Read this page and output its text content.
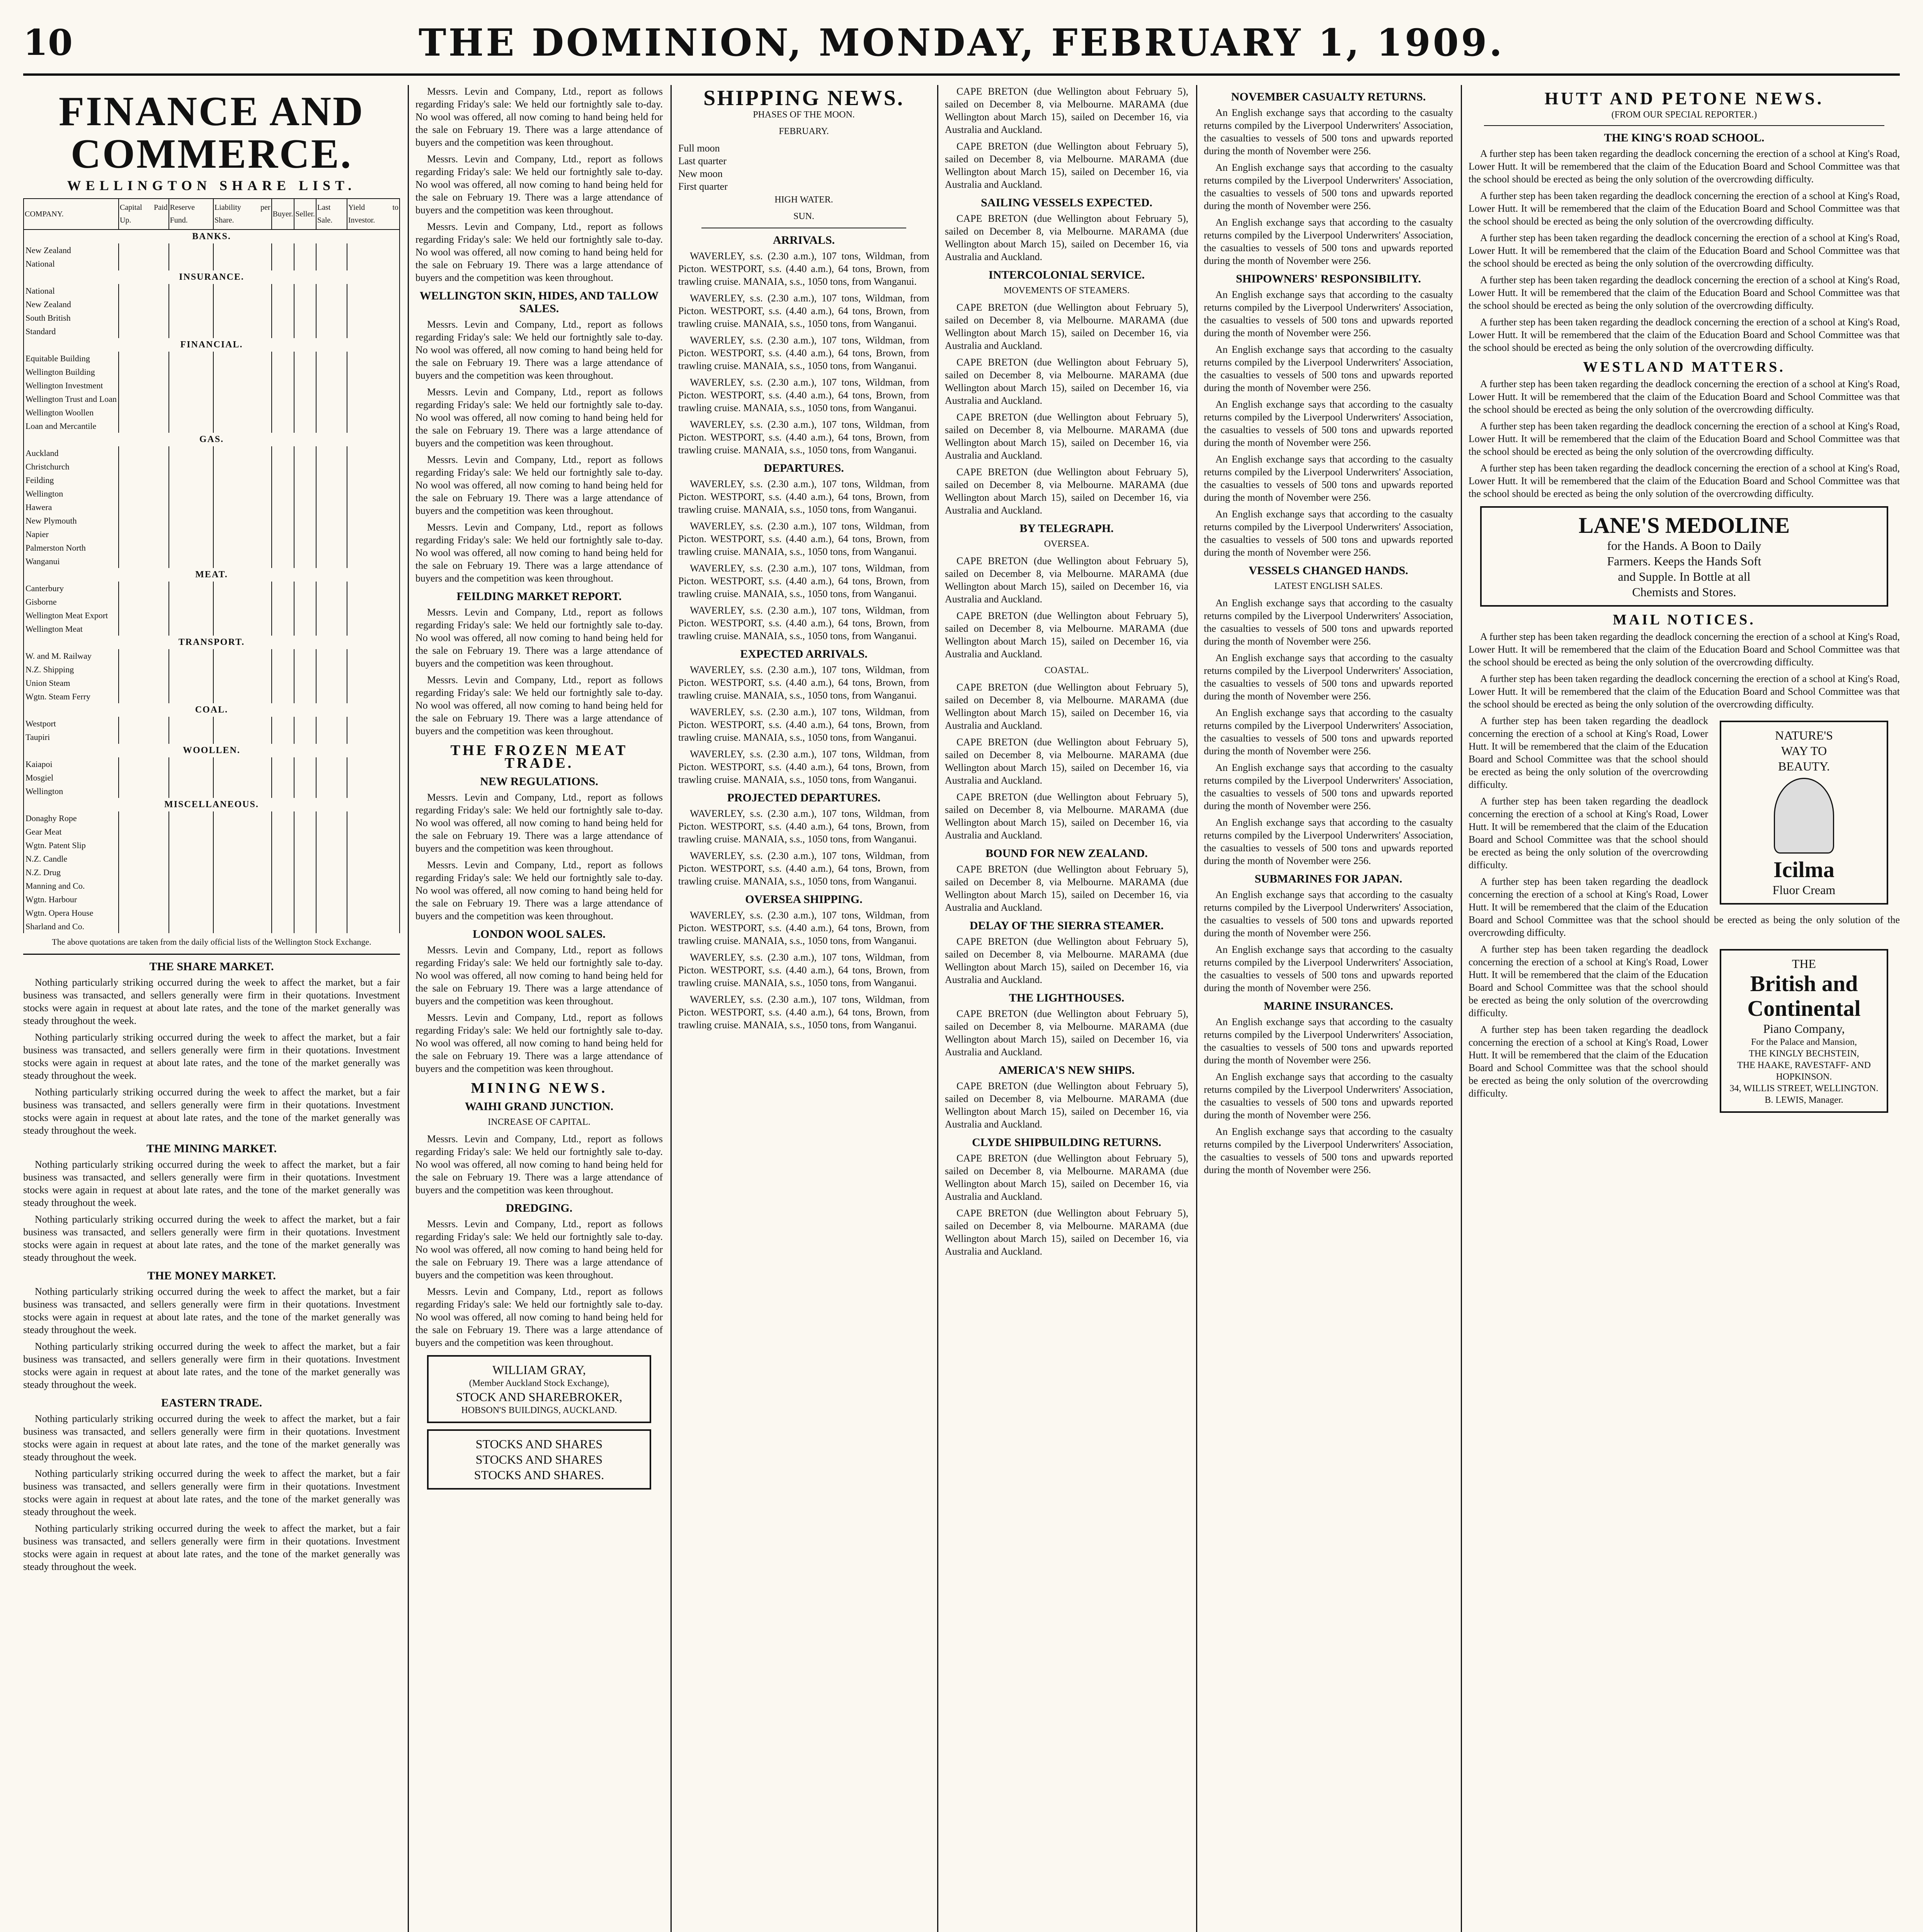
10	THE DOMINION, MONDAY, FEBRUARY 1, 1909.
FINANCE AND COMMERCE.
WELLINGTON SHARE LIST.
COMPANY.	Capital Paid Up.	Reserve Fund.	Liability per Share.	Buyer.	Seller.	Last Sale.	Yield to Investor.
BANKS.							
New Zealand							
National							
INSURANCE.							
National							
New Zealand							
South British							
Standard							
FINANCIAL.							
Equitable Building							
Wellington Building							
Wellington Investment							
Wellington Trust and Loan							
Wellington Woollen							
Loan and Mercantile							
GAS.							
Auckland							
Christchurch							
Feilding							
Wellington							
Hawera							
New Plymouth							
Napier							
Palmerston North							
Wanganui							
MEAT.							
Canterbury							
Gisborne							
Wellington Meat Export							
Wellington Meat							
TRANSPORT.							
W. and M. Railway							
N.Z. Shipping							
Union Steam							
Wgtn. Steam Ferry							
COAL.							
Westport							
Taupiri							
WOOLLEN.							
Kaiapoi							
Mosgiel							
Wellington							
MISCELLANEOUS.							
Donaghy Rope							
Gear Meat							
Wgtn. Patent Slip							
N.Z. Candle							
N.Z. Drug							
Manning and Co.							
Wgtn. Harbour							
Wgtn. Opera House							
Sharland and Co.							
The above quotations are taken from the daily official lists of the Wellington Stock Exchange.
THE SHARE MARKET.

Nothing particularly striking occurred during the week to affect the market, but a fair business was transacted, and sellers generally were firm in their quotations. Investment stocks were again in request at about late rates, and the tone of the market generally was steady throughout the week.

Nothing particularly striking occurred during the week to affect the market, but a fair business was transacted, and sellers generally were firm in their quotations. Investment stocks were again in request at about late rates, and the tone of the market generally was steady throughout the week.

Nothing particularly striking occurred during the week to affect the market, but a fair business was transacted, and sellers generally were firm in their quotations. Investment stocks were again in request at about late rates, and the tone of the market generally was steady throughout the week.

THE MINING MARKET.

Nothing particularly striking occurred during the week to affect the market, but a fair business was transacted, and sellers generally were firm in their quotations. Investment stocks were again in request at about late rates, and the tone of the market generally was steady throughout the week.

Nothing particularly striking occurred during the week to affect the market, but a fair business was transacted, and sellers generally were firm in their quotations. Investment stocks were again in request at about late rates, and the tone of the market generally was steady throughout the week.

THE MONEY MARKET.

Nothing particularly striking occurred during the week to affect the market, but a fair business was transacted, and sellers generally were firm in their quotations. Investment stocks were again in request at about late rates, and the tone of the market generally was steady throughout the week.

Nothing particularly striking occurred during the week to affect the market, but a fair business was transacted, and sellers generally were firm in their quotations. Investment stocks were again in request at about late rates, and the tone of the market generally was steady throughout the week.

EASTERN TRADE.

Nothing particularly striking occurred during the week to affect the market, but a fair business was transacted, and sellers generally were firm in their quotations. Investment stocks were again in request at about late rates, and the tone of the market generally was steady throughout the week.

Nothing particularly striking occurred during the week to affect the market, but a fair business was transacted, and sellers generally were firm in their quotations. Investment stocks were again in request at about late rates, and the tone of the market generally was steady throughout the week.

Nothing particularly striking occurred during the week to affect the market, but a fair business was transacted, and sellers generally were firm in their quotations. Investment stocks were again in request at about late rates, and the tone of the market generally was steady throughout the week.

Messrs. Levin and Company, Ltd., report as follows regarding Friday's sale: We held our fortnightly sale to-day. No wool was offered, all now coming to hand being held for the sale on February 19. There was a large attendance of buyers and the competition was keen throughout.

Messrs. Levin and Company, Ltd., report as follows regarding Friday's sale: We held our fortnightly sale to-day. No wool was offered, all now coming to hand being held for the sale on February 19. There was a large attendance of buyers and the competition was keen throughout.

Messrs. Levin and Company, Ltd., report as follows regarding Friday's sale: We held our fortnightly sale to-day. No wool was offered, all now coming to hand being held for the sale on February 19. There was a large attendance of buyers and the competition was keen throughout.

WELLINGTON SKIN, HIDES, AND TALLOW SALES.

Messrs. Levin and Company, Ltd., report as follows regarding Friday's sale: We held our fortnightly sale to-day. No wool was offered, all now coming to hand being held for the sale on February 19. There was a large attendance of buyers and the competition was keen throughout.

Messrs. Levin and Company, Ltd., report as follows regarding Friday's sale: We held our fortnightly sale to-day. No wool was offered, all now coming to hand being held for the sale on February 19. There was a large attendance of buyers and the competition was keen throughout.

Messrs. Levin and Company, Ltd., report as follows regarding Friday's sale: We held our fortnightly sale to-day. No wool was offered, all now coming to hand being held for the sale on February 19. There was a large attendance of buyers and the competition was keen throughout.

Messrs. Levin and Company, Ltd., report as follows regarding Friday's sale: We held our fortnightly sale to-day. No wool was offered, all now coming to hand being held for the sale on February 19. There was a large attendance of buyers and the competition was keen throughout.

FEILDING MARKET REPORT.

Messrs. Levin and Company, Ltd., report as follows regarding Friday's sale: We held our fortnightly sale to-day. No wool was offered, all now coming to hand being held for the sale on February 19. There was a large attendance of buyers and the competition was keen throughout.

Messrs. Levin and Company, Ltd., report as follows regarding Friday's sale: We held our fortnightly sale to-day. No wool was offered, all now coming to hand being held for the sale on February 19. There was a large attendance of buyers and the competition was keen throughout.

THE FROZEN MEAT TRADE.
NEW REGULATIONS.

Messrs. Levin and Company, Ltd., report as follows regarding Friday's sale: We held our fortnightly sale to-day. No wool was offered, all now coming to hand being held for the sale on February 19. There was a large attendance of buyers and the competition was keen throughout.

Messrs. Levin and Company, Ltd., report as follows regarding Friday's sale: We held our fortnightly sale to-day. No wool was offered, all now coming to hand being held for the sale on February 19. There was a large attendance of buyers and the competition was keen throughout.

LONDON WOOL SALES.

Messrs. Levin and Company, Ltd., report as follows regarding Friday's sale: We held our fortnightly sale to-day. No wool was offered, all now coming to hand being held for the sale on February 19. There was a large attendance of buyers and the competition was keen throughout.

Messrs. Levin and Company, Ltd., report as follows regarding Friday's sale: We held our fortnightly sale to-day. No wool was offered, all now coming to hand being held for the sale on February 19. There was a large attendance of buyers and the competition was keen throughout.

MINING NEWS.
WAIHI GRAND JUNCTION.
INCREASE OF CAPITAL.

Messrs. Levin and Company, Ltd., report as follows regarding Friday's sale: We held our fortnightly sale to-day. No wool was offered, all now coming to hand being held for the sale on February 19. There was a large attendance of buyers and the competition was keen throughout.

DREDGING.

Messrs. Levin and Company, Ltd., report as follows regarding Friday's sale: We held our fortnightly sale to-day. No wool was offered, all now coming to hand being held for the sale on February 19. There was a large attendance of buyers and the competition was keen throughout.

Messrs. Levin and Company, Ltd., report as follows regarding Friday's sale: We held our fortnightly sale to-day. No wool was offered, all now coming to hand being held for the sale on February 19. There was a large attendance of buyers and the competition was keen throughout.

WILLIAM GRAY,
(Member Auckland Stock Exchange),
STOCK AND SHAREBROKER,
HOBSON'S BUILDINGS, AUCKLAND.
STOCKS AND SHARES
STOCKS AND SHARES
STOCKS AND SHARES.
SHIPPING NEWS.
PHASES OF THE MOON.
FEBRUARY.
Full moon
Last quarter
New moon
First quarter
HIGH WATER.
SUN.
ARRIVALS.

WAVERLEY, s.s. (2.30 a.m.), 107 tons, Wildman, from Picton. WESTPORT, s.s. (4.40 a.m.), 64 tons, Brown, from trawling cruise. MANAIA, s.s., 1050 tons, from Wanganui.

WAVERLEY, s.s. (2.30 a.m.), 107 tons, Wildman, from Picton. WESTPORT, s.s. (4.40 a.m.), 64 tons, Brown, from trawling cruise. MANAIA, s.s., 1050 tons, from Wanganui.

WAVERLEY, s.s. (2.30 a.m.), 107 tons, Wildman, from Picton. WESTPORT, s.s. (4.40 a.m.), 64 tons, Brown, from trawling cruise. MANAIA, s.s., 1050 tons, from Wanganui.

WAVERLEY, s.s. (2.30 a.m.), 107 tons, Wildman, from Picton. WESTPORT, s.s. (4.40 a.m.), 64 tons, Brown, from trawling cruise. MANAIA, s.s., 1050 tons, from Wanganui.

WAVERLEY, s.s. (2.30 a.m.), 107 tons, Wildman, from Picton. WESTPORT, s.s. (4.40 a.m.), 64 tons, Brown, from trawling cruise. MANAIA, s.s., 1050 tons, from Wanganui.

DEPARTURES.

WAVERLEY, s.s. (2.30 a.m.), 107 tons, Wildman, from Picton. WESTPORT, s.s. (4.40 a.m.), 64 tons, Brown, from trawling cruise. MANAIA, s.s., 1050 tons, from Wanganui.

WAVERLEY, s.s. (2.30 a.m.), 107 tons, Wildman, from Picton. WESTPORT, s.s. (4.40 a.m.), 64 tons, Brown, from trawling cruise. MANAIA, s.s., 1050 tons, from Wanganui.

WAVERLEY, s.s. (2.30 a.m.), 107 tons, Wildman, from Picton. WESTPORT, s.s. (4.40 a.m.), 64 tons, Brown, from trawling cruise. MANAIA, s.s., 1050 tons, from Wanganui.

WAVERLEY, s.s. (2.30 a.m.), 107 tons, Wildman, from Picton. WESTPORT, s.s. (4.40 a.m.), 64 tons, Brown, from trawling cruise. MANAIA, s.s., 1050 tons, from Wanganui.

EXPECTED ARRIVALS.

WAVERLEY, s.s. (2.30 a.m.), 107 tons, Wildman, from Picton. WESTPORT, s.s. (4.40 a.m.), 64 tons, Brown, from trawling cruise. MANAIA, s.s., 1050 tons, from Wanganui.

WAVERLEY, s.s. (2.30 a.m.), 107 tons, Wildman, from Picton. WESTPORT, s.s. (4.40 a.m.), 64 tons, Brown, from trawling cruise. MANAIA, s.s., 1050 tons, from Wanganui.

WAVERLEY, s.s. (2.30 a.m.), 107 tons, Wildman, from Picton. WESTPORT, s.s. (4.40 a.m.), 64 tons, Brown, from trawling cruise. MANAIA, s.s., 1050 tons, from Wanganui.

PROJECTED DEPARTURES.

WAVERLEY, s.s. (2.30 a.m.), 107 tons, Wildman, from Picton. WESTPORT, s.s. (4.40 a.m.), 64 tons, Brown, from trawling cruise. MANAIA, s.s., 1050 tons, from Wanganui.

WAVERLEY, s.s. (2.30 a.m.), 107 tons, Wildman, from Picton. WESTPORT, s.s. (4.40 a.m.), 64 tons, Brown, from trawling cruise. MANAIA, s.s., 1050 tons, from Wanganui.

OVERSEA SHIPPING.

WAVERLEY, s.s. (2.30 a.m.), 107 tons, Wildman, from Picton. WESTPORT, s.s. (4.40 a.m.), 64 tons, Brown, from trawling cruise. MANAIA, s.s., 1050 tons, from Wanganui.

WAVERLEY, s.s. (2.30 a.m.), 107 tons, Wildman, from Picton. WESTPORT, s.s. (4.40 a.m.), 64 tons, Brown, from trawling cruise. MANAIA, s.s., 1050 tons, from Wanganui.

WAVERLEY, s.s. (2.30 a.m.), 107 tons, Wildman, from Picton. WESTPORT, s.s. (4.40 a.m.), 64 tons, Brown, from trawling cruise. MANAIA, s.s., 1050 tons, from Wanganui.

CAPE BRETON (due Wellington about February 5), sailed on December 8, via Melbourne. MARAMA (due Wellington about March 15), sailed on December 16, via Australia and Auckland.

CAPE BRETON (due Wellington about February 5), sailed on December 8, via Melbourne. MARAMA (due Wellington about March 15), sailed on December 16, via Australia and Auckland.

SAILING VESSELS EXPECTED.

CAPE BRETON (due Wellington about February 5), sailed on December 8, via Melbourne. MARAMA (due Wellington about March 15), sailed on December 16, via Australia and Auckland.

INTERCOLONIAL SERVICE.
MOVEMENTS OF STEAMERS.

CAPE BRETON (due Wellington about February 5), sailed on December 8, via Melbourne. MARAMA (due Wellington about March 15), sailed on December 16, via Australia and Auckland.

CAPE BRETON (due Wellington about February 5), sailed on December 8, via Melbourne. MARAMA (due Wellington about March 15), sailed on December 16, via Australia and Auckland.

CAPE BRETON (due Wellington about February 5), sailed on December 8, via Melbourne. MARAMA (due Wellington about March 15), sailed on December 16, via Australia and Auckland.

CAPE BRETON (due Wellington about February 5), sailed on December 8, via Melbourne. MARAMA (due Wellington about March 15), sailed on December 16, via Australia and Auckland.

BY TELEGRAPH.
OVERSEA.

CAPE BRETON (due Wellington about February 5), sailed on December 8, via Melbourne. MARAMA (due Wellington about March 15), sailed on December 16, via Australia and Auckland.

CAPE BRETON (due Wellington about February 5), sailed on December 8, via Melbourne. MARAMA (due Wellington about March 15), sailed on December 16, via Australia and Auckland.

COASTAL.

CAPE BRETON (due Wellington about February 5), sailed on December 8, via Melbourne. MARAMA (due Wellington about March 15), sailed on December 16, via Australia and Auckland.

CAPE BRETON (due Wellington about February 5), sailed on December 8, via Melbourne. MARAMA (due Wellington about March 15), sailed on December 16, via Australia and Auckland.

CAPE BRETON (due Wellington about February 5), sailed on December 8, via Melbourne. MARAMA (due Wellington about March 15), sailed on December 16, via Australia and Auckland.

BOUND FOR NEW ZEALAND.

CAPE BRETON (due Wellington about February 5), sailed on December 8, via Melbourne. MARAMA (due Wellington about March 15), sailed on December 16, via Australia and Auckland.

DELAY OF THE SIERRA STEAMER.

CAPE BRETON (due Wellington about February 5), sailed on December 8, via Melbourne. MARAMA (due Wellington about March 15), sailed on December 16, via Australia and Auckland.

THE LIGHTHOUSES.

CAPE BRETON (due Wellington about February 5), sailed on December 8, via Melbourne. MARAMA (due Wellington about March 15), sailed on December 16, via Australia and Auckland.

AMERICA'S NEW SHIPS.

CAPE BRETON (due Wellington about February 5), sailed on December 8, via Melbourne. MARAMA (due Wellington about March 15), sailed on December 16, via Australia and Auckland.

CLYDE SHIPBUILDING RETURNS.

CAPE BRETON (due Wellington about February 5), sailed on December 8, via Melbourne. MARAMA (due Wellington about March 15), sailed on December 16, via Australia and Auckland.

CAPE BRETON (due Wellington about February 5), sailed on December 8, via Melbourne. MARAMA (due Wellington about March 15), sailed on December 16, via Australia and Auckland.

NOVEMBER CASUALTY RETURNS.

An English exchange says that according to the casualty returns compiled by the Liverpool Underwriters' Association, the casualties to vessels of 500 tons and upwards reported during the month of November were 256.

An English exchange says that according to the casualty returns compiled by the Liverpool Underwriters' Association, the casualties to vessels of 500 tons and upwards reported during the month of November were 256.

An English exchange says that according to the casualty returns compiled by the Liverpool Underwriters' Association, the casualties to vessels of 500 tons and upwards reported during the month of November were 256.

SHIPOWNERS' RESPONSIBILITY.

An English exchange says that according to the casualty returns compiled by the Liverpool Underwriters' Association, the casualties to vessels of 500 tons and upwards reported during the month of November were 256.

An English exchange says that according to the casualty returns compiled by the Liverpool Underwriters' Association, the casualties to vessels of 500 tons and upwards reported during the month of November were 256.

An English exchange says that according to the casualty returns compiled by the Liverpool Underwriters' Association, the casualties to vessels of 500 tons and upwards reported during the month of November were 256.

An English exchange says that according to the casualty returns compiled by the Liverpool Underwriters' Association, the casualties to vessels of 500 tons and upwards reported during the month of November were 256.

An English exchange says that according to the casualty returns compiled by the Liverpool Underwriters' Association, the casualties to vessels of 500 tons and upwards reported during the month of November were 256.

VESSELS CHANGED HANDS.
LATEST ENGLISH SALES.

An English exchange says that according to the casualty returns compiled by the Liverpool Underwriters' Association, the casualties to vessels of 500 tons and upwards reported during the month of November were 256.

An English exchange says that according to the casualty returns compiled by the Liverpool Underwriters' Association, the casualties to vessels of 500 tons and upwards reported during the month of November were 256.

An English exchange says that according to the casualty returns compiled by the Liverpool Underwriters' Association, the casualties to vessels of 500 tons and upwards reported during the month of November were 256.

An English exchange says that according to the casualty returns compiled by the Liverpool Underwriters' Association, the casualties to vessels of 500 tons and upwards reported during the month of November were 256.

An English exchange says that according to the casualty returns compiled by the Liverpool Underwriters' Association, the casualties to vessels of 500 tons and upwards reported during the month of November were 256.

SUBMARINES FOR JAPAN.

An English exchange says that according to the casualty returns compiled by the Liverpool Underwriters' Association, the casualties to vessels of 500 tons and upwards reported during the month of November were 256.

An English exchange says that according to the casualty returns compiled by the Liverpool Underwriters' Association, the casualties to vessels of 500 tons and upwards reported during the month of November were 256.

MARINE INSURANCES.

An English exchange says that according to the casualty returns compiled by the Liverpool Underwriters' Association, the casualties to vessels of 500 tons and upwards reported during the month of November were 256.

An English exchange says that according to the casualty returns compiled by the Liverpool Underwriters' Association, the casualties to vessels of 500 tons and upwards reported during the month of November were 256.

An English exchange says that according to the casualty returns compiled by the Liverpool Underwriters' Association, the casualties to vessels of 500 tons and upwards reported during the month of November were 256.

HUTT AND PETONE NEWS.
(FROM OUR SPECIAL REPORTER.)
THE KING'S ROAD SCHOOL.

A further step has been taken regarding the deadlock concerning the erection of a school at King's Road, Lower Hutt. It will be remembered that the claim of the Education Board and School Committee was that the school should be erected as being the only solution of the overcrowding difficulty.

A further step has been taken regarding the deadlock concerning the erection of a school at King's Road, Lower Hutt. It will be remembered that the claim of the Education Board and School Committee was that the school should be erected as being the only solution of the overcrowding difficulty.

A further step has been taken regarding the deadlock concerning the erection of a school at King's Road, Lower Hutt. It will be remembered that the claim of the Education Board and School Committee was that the school should be erected as being the only solution of the overcrowding difficulty.

A further step has been taken regarding the deadlock concerning the erection of a school at King's Road, Lower Hutt. It will be remembered that the claim of the Education Board and School Committee was that the school should be erected as being the only solution of the overcrowding difficulty.

A further step has been taken regarding the deadlock concerning the erection of a school at King's Road, Lower Hutt. It will be remembered that the claim of the Education Board and School Committee was that the school should be erected as being the only solution of the overcrowding difficulty.

WESTLAND MATTERS.

A further step has been taken regarding the deadlock concerning the erection of a school at King's Road, Lower Hutt. It will be remembered that the claim of the Education Board and School Committee was that the school should be erected as being the only solution of the overcrowding difficulty.

A further step has been taken regarding the deadlock concerning the erection of a school at King's Road, Lower Hutt. It will be remembered that the claim of the Education Board and School Committee was that the school should be erected as being the only solution of the overcrowding difficulty.

A further step has been taken regarding the deadlock concerning the erection of a school at King's Road, Lower Hutt. It will be remembered that the claim of the Education Board and School Committee was that the school should be erected as being the only solution of the overcrowding difficulty.

LANE'S MEDOLINE
for the Hands. A Boon to Daily
Farmers. Keeps the Hands Soft
and Supple. In Bottle at all
Chemists and Stores.
MAIL NOTICES.

A further step has been taken regarding the deadlock concerning the erection of a school at King's Road, Lower Hutt. It will be remembered that the claim of the Education Board and School Committee was that the school should be erected as being the only solution of the overcrowding difficulty.

A further step has been taken regarding the deadlock concerning the erection of a school at King's Road, Lower Hutt. It will be remembered that the claim of the Education Board and School Committee was that the school should be erected as being the only solution of the overcrowding difficulty.

NATURE'S
WAY TO
BEAUTY.
Icilma
Fluor Cream

A further step has been taken regarding the deadlock concerning the erection of a school at King's Road, Lower Hutt. It will be remembered that the claim of the Education Board and School Committee was that the school should be erected as being the only solution of the overcrowding difficulty.

A further step has been taken regarding the deadlock concerning the erection of a school at King's Road, Lower Hutt. It will be remembered that the claim of the Education Board and School Committee was that the school should be erected as being the only solution of the overcrowding difficulty.

A further step has been taken regarding the deadlock concerning the erection of a school at King's Road, Lower Hutt. It will be remembered that the claim of the Education Board and School Committee was that the school should be erected as being the only solution of the overcrowding difficulty.

THE
British and Continental
Piano Company,
For the Palace and Mansion,
THE KINGLY BECHSTEIN,
THE HAAKE, RAVESTAFF- AND HOPKINSON.
34, WILLIS STREET, WELLINGTON.
B. LEWIS, Manager.

A further step has been taken regarding the deadlock concerning the erection of a school at King's Road, Lower Hutt. It will be remembered that the claim of the Education Board and School Committee was that the school should be erected as being the only solution of the overcrowding difficulty.

A further step has been taken regarding the deadlock concerning the erection of a school at King's Road, Lower Hutt. It will be remembered that the claim of the Education Board and School Committee was that the school should be erected as being the only solution of the overcrowding difficulty.
